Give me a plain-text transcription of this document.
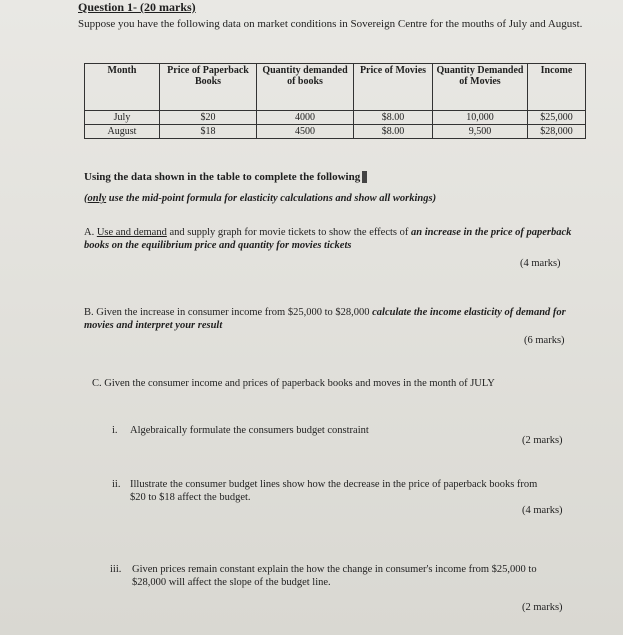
Question 1- (20 marks)
Suppose you have the following data on market conditions in Sovereign Centre for the mouths of July and August.
Month	Price of Paperback Books	Quantity demanded of books	Price of Movies	Quantity Demanded of Movies	Income
July	$20	4000	$8.00	10,000	$25,000
August	$18	4500	$8.00	9,500	$28,000
Using the data shown in the table to complete the following
(only use the mid-point formula for elasticity calculations and show all workings)
A. Use and demand and supply graph for movie tickets to show the effects of an increase in the price of paperback books on the equilibrium price and quantity for movies tickets
(4 marks)
B. Given the increase in consumer income from $25,000 to $28,000 calculate the income elasticity of demand for movies and interpret your result
(6 marks)
C. Given the consumer income and prices of paperback books and moves in the month of JULY
i. Algebraically formulate the consumers budget constraint
(2 marks)
ii. Illustrate the consumer budget lines show how the decrease in the price of paperback books from $20 to $18 affect the budget.
(4 marks)
iii. Given prices remain constant explain the how the change in consumer's income from $25,000 to $28,000 will affect the slope of the budget line.
(2 marks)
